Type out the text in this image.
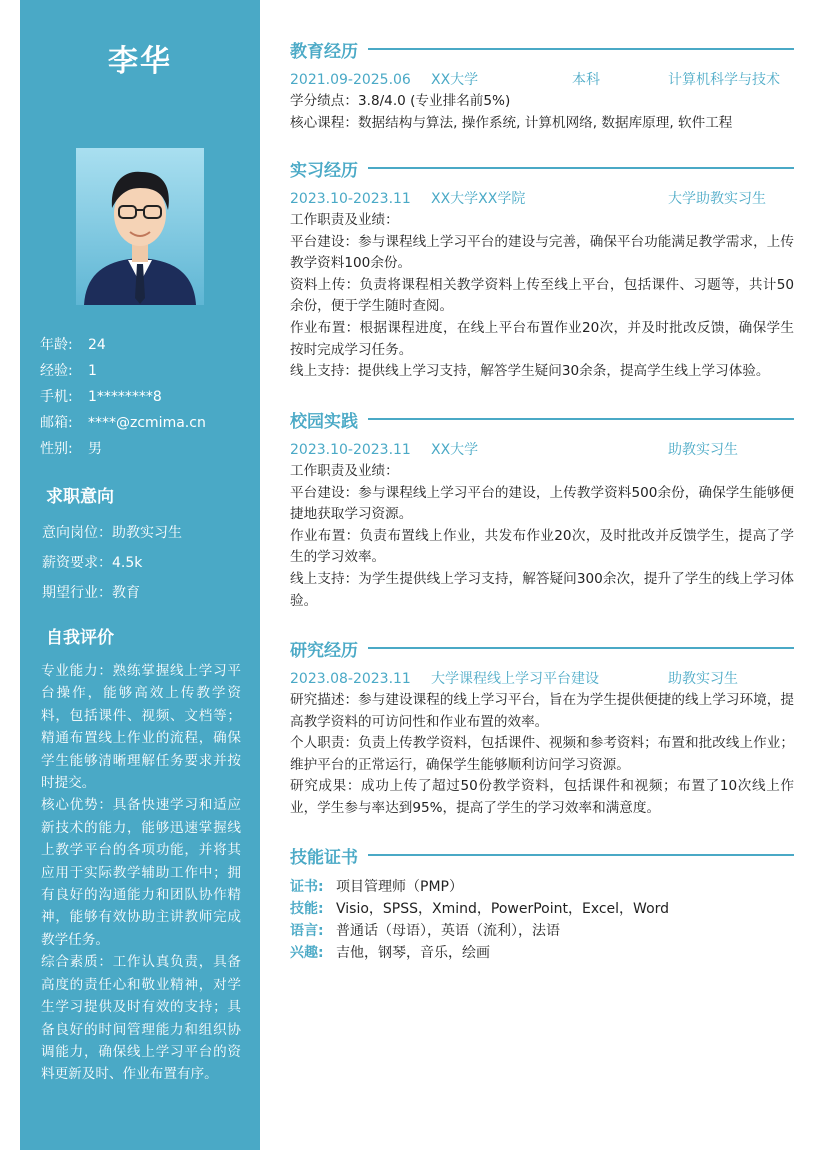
李华
年龄:	24
经验:	1
手机:	1********8
邮箱:	****@zcmima.cn
性别:	男
求职意向
意向岗位：助教实习生
薪资要求：4.5k
期望行业：教育
自我评价

专业能力：熟练掌握线上学习平台操作，能够高效上传教学资料，包括课件、视频、文档等；精通布置线上作业的流程，确保学生能够清晰理解任务要求并按时提交。

核心优势：具备快速学习和适应新技术的能力，能够迅速掌握线上教学平台的各项功能，并将其应用于实际教学辅助工作中；拥有良好的沟通能力和团队协作精神，能够有效协助主讲教师完成教学任务。

综合素质：工作认真负责，具备高度的责任心和敬业精神，对学生学习提供及时有效的支持；具备良好的时间管理能力和组织协调能力，确保线上学习平台的资料更新及时、作业布置有序。

教育经历
2021.09-2025.06 XX大学	本科	计算机科学与技术

学分绩点：3.8/4.0 (专业排名前5%)

核心课程：数据结构与算法, 操作系统, 计算机网络, 数据库原理, 软件工程

实习经历
2023.10-2023.11 XX大学XX学院	大学助教实习生

工作职责及业绩：

平台建设：参与课程线上学习平台的建设与完善，确保平台功能满足教学需求，上传教学资料100余份。

资料上传：负责将课程相关教学资料上传至线上平台，包括课件、习题等，共计50余份，便于学生随时查阅。

作业布置：根据课程进度，在线上平台布置作业20次，并及时批改反馈，确保学生按时完成学习任务。

线上支持：提供线上学习支持，解答学生疑问30余条，提高学生线上学习体验。

校园实践
2023.10-2023.11 XX大学	助教实习生

工作职责及业绩：

平台建设：参与课程线上学习平台的建设，上传教学资料500余份，确保学生能够便捷地获取学习资源。

作业布置：负责布置线上作业，共发布作业20次，及时批改并反馈学生，提高了学生的学习效率。

线上支持：为学生提供线上学习支持，解答疑问300余次，提升了学生的线上学习体验。

研究经历
2023.08-2023.11 大学课程线上学习平台建设	助教实习生

研究描述：参与建设课程的线上学习平台，旨在为学生提供便捷的线上学习环境，提高教学资料的可访问性和作业布置的效率。

个人职责：负责上传教学资料，包括课件、视频和参考资料；布置和批改线上作业；维护平台的正常运行，确保学生能够顺利访问学习资源。

研究成果：成功上传了超过50份教学资料，包括课件和视频；布置了10次线上作业，学生参与率达到95%，提高了学生的学习效率和满意度。

技能证书
证书: 项目管理师（PMP）
技能: Visio，SPSS，Xmind，PowerPoint，Excel，Word
语言: 普通话（母语），英语（流利），法语
兴趣: 吉他，钢琴，音乐，绘画
